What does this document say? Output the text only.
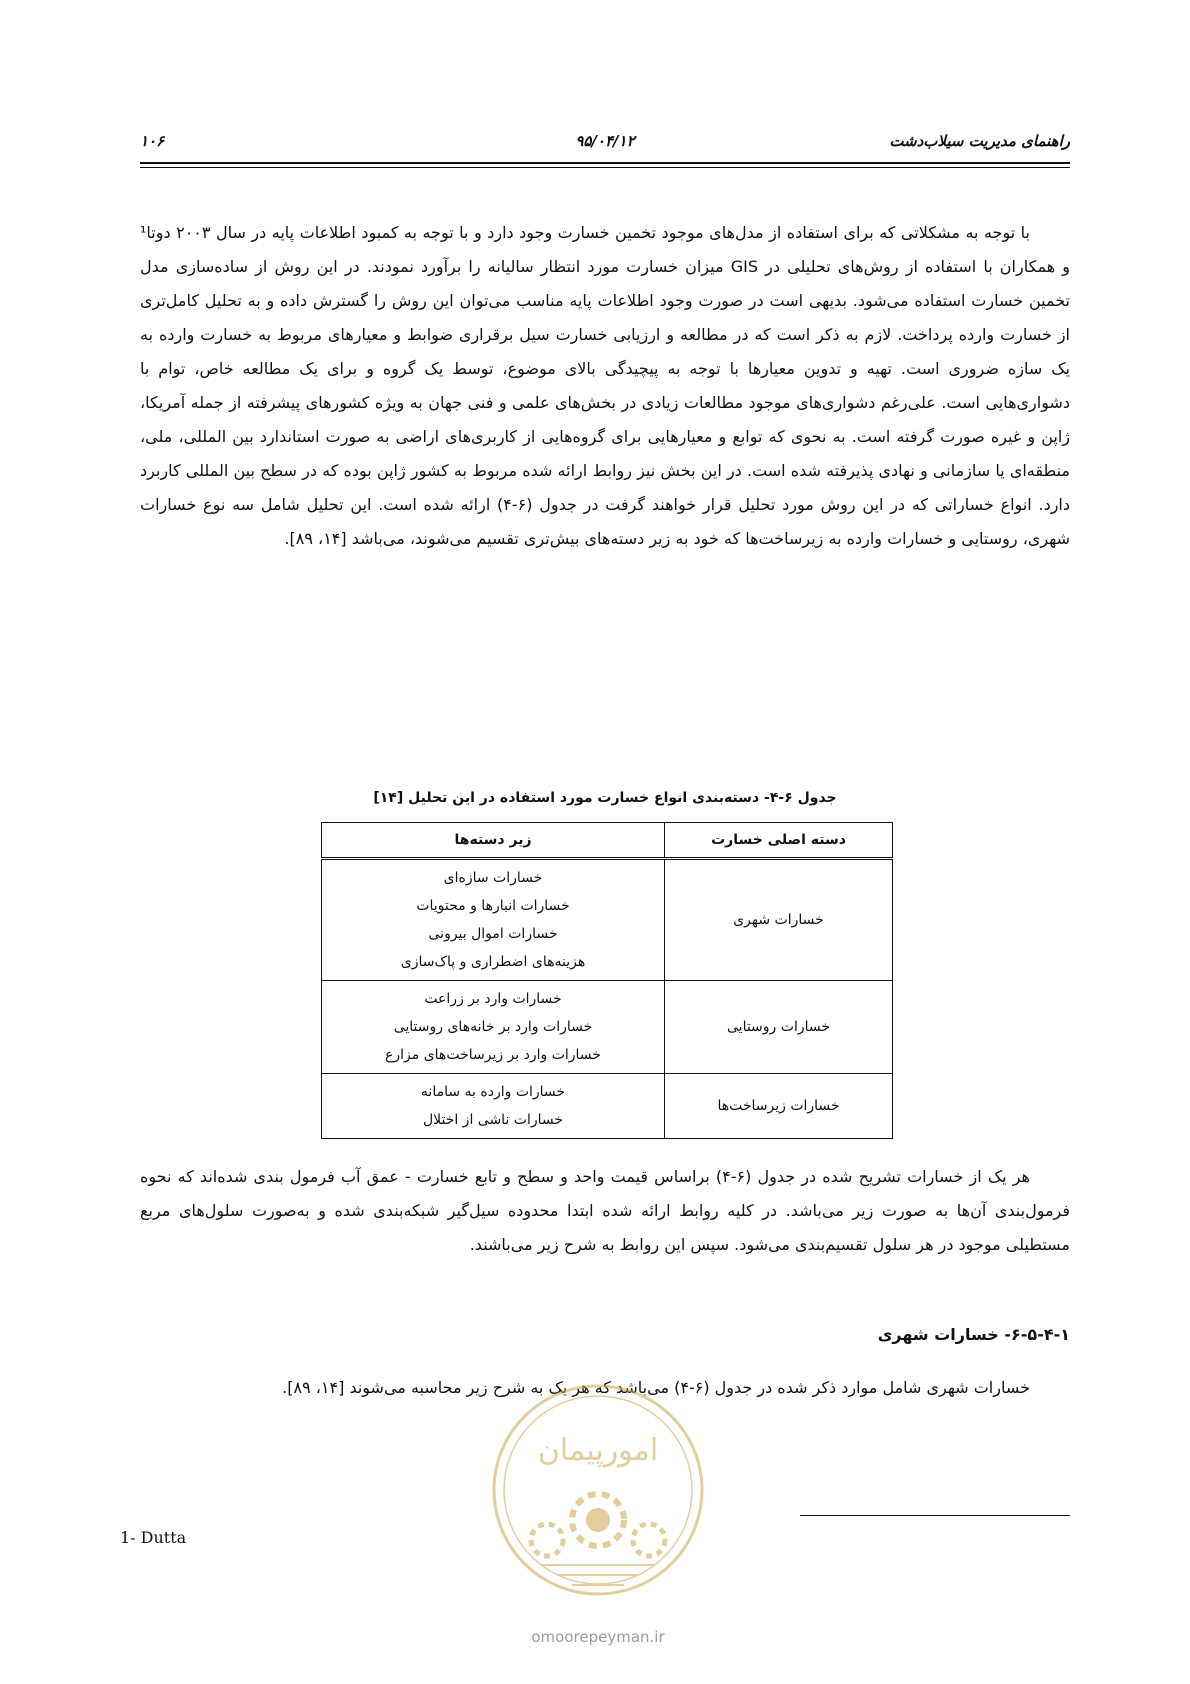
راهنمای مدیریت سیلاب‌دشت
۹۵/۰۴/۱۲
۱۰۶

با توجه به مشکلاتی که برای استفاده از مدل‌های موجود تخمین خسارت وجود دارد و با توجه به کمبود اطلاعات پایه در سال ۲۰۰۳ دوتا¹ و همکاران با استفاده از روش‌های تحلیلی در GIS میزان خسارت مورد انتظار سالیانه را برآورد نمودند. در این روش از ساده‌سازی مدل تخمین خسارت استفاده می‌شود. بدیهی است در صورت وجود اطلاعات پایه مناسب می‌توان این روش را گسترش داده و به تحلیل کامل‌تری از خسارت وارده پرداخت. لازم به ذکر است که در مطالعه و ارزیابی خسارت سیل برقراری ضوابط و معیارهای مربوط به خسارت وارده به یک سازه ضروری است. تهیه و تدوین معیارها با توجه به پیچیدگی بالای موضوع، توسط یک گروه و برای یک مطالعه خاص، توام با دشواری‌هایی است. علی‌رغم دشواری‌های موجود مطالعات زیادی در بخش‌های علمی و فنی جهان به ویژه کشورهای پیشرفته از جمله آمریکا، ژاپن و غیره صورت گرفته است. به نحوی که توابع و معیارهایی برای گروه‌هایی از کاربری‌های اراضی به صورت استاندارد بین المللی، ملی، منطقه‌ای یا سازمانی و نهادی پذیرفته شده است. در این بخش نیز روابط ارائه شده مربوط به کشور ژاپن بوده که در سطح بین المللی کاربرد دارد. انواع خساراتی که در این روش مورد تحلیل قرار خواهند گرفت در جدول (۶-۴) ارائه شده است. این تحلیل شامل سه نوع خسارات شهری، روستایی و خسارات وارده به زیرساخت‌ها که خود به زیر دسته‌های بیش‌تری تقسیم می‌شوند، می‌باشد [۱۴، ۸۹].

جدول ۶-۴- دسته‌بندی انواع خسارت مورد استفاده در این تحلیل [۱۴]
دسته اصلی خسارت	زیر دسته‌ها
خسارات شهری	خسارات سازه‌ای
خسارات انبارها و محتویات
خسارات اموال بیرونی
هزینه‌های اضطراری و پاک‌سازی

خسارات روستایی	خسارات وارد بر زراعت
خسارات وارد بر خانه‌های روستایی
خسارات وارد بر زیرساخت‌های مزارع

خسارات زیرساخت‌ها	خسارات وارده به سامانه
خسارات ناشی از اختلال

هر یک از خسارات تشریح شده در جدول (۶-۴) براساس قیمت واحد و سطح و تابع خسارت - عمق آب فرمول بندی شده‌اند که نحوه فرمول‌بندی آن‌ها به صورت زیر می‌باشد. در کلیه روابط ارائه شده ابتدا محدوده سیل‌گیر شبکه‌بندی شده و به‌صورت سلول‌های مربع مستطیلی موجود در هر سلول تقسیم‌بندی می‌شود. سپس این روابط به شرح زیر می‌باشند.

۶-۵-۴-۱- خسارات شهری

خسارات شهری شامل موارد ذکر شده در جدول (۶-۴) می‌باشد که هر یک به شرح زیر محاسبه می‌شوند [۱۴، ۸۹].

امورپیمان
omoorepeyman.ir
1- Dutta
